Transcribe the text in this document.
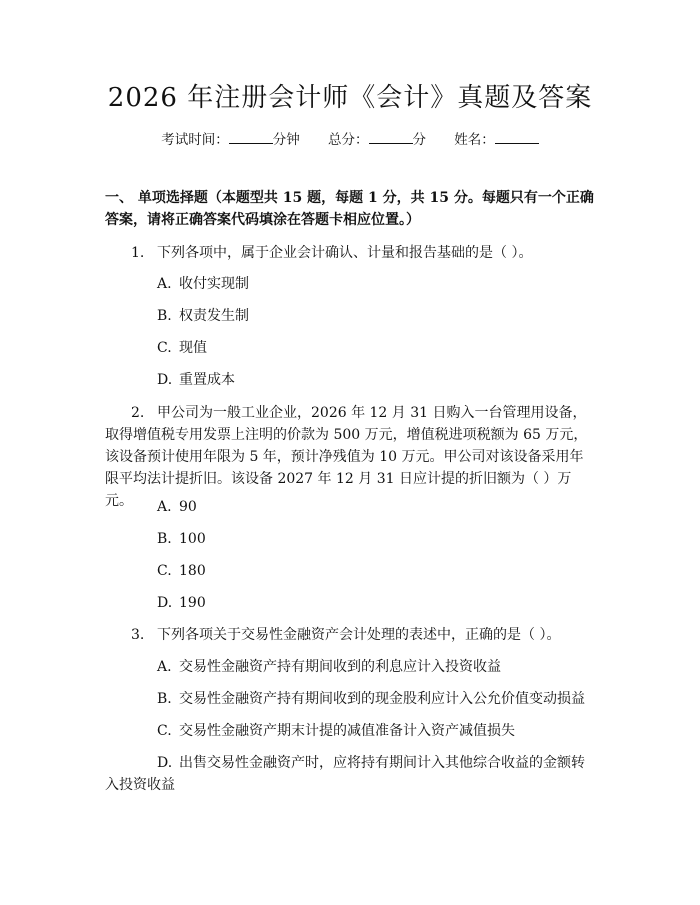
2026 年注册会计师《会计》真题及答案
考试时间：	分钟 总分：	分 姓名：
一、 单项选择题（本题型共 15 题，每题 1 分，共 15 分。每题只有一个正确答案，请将正确答案代码填涂在答题卡相应位置。）
1. 下列各项中，属于企业会计确认、计量和报告基础的是（ ）。
A. 收付实现制
B. 权责发生制
C. 现值
D. 重置成本
2. 甲公司为一般工业企业，2026 年 12 月 31 日购入一台管理用设备，取得增值税专用发票上注明的价款为 500 万元，增值税进项税额为 65 万元，该设备预计使用年限为 5 年，预计净残值为 10 万元。甲公司对该设备采用年限平均法计提折旧。该设备 2027 年 12 月 31 日应计提的折旧额为（ ）万元。	A. 90
B. 100
C. 180
D. 190
3. 下列各项关于交易性金融资产会计处理的表述中，正确的是（ ）。
A. 交易性金融资产持有期间收到的利息应计入投资收益
B. 交易性金融资产持有期间收到的现金股利应计入公允价值变动损益
C. 交易性金融资产期末计提的减值准备计入资产减值损失
D. 出售交易性金融资产时，应将持有期间计入其他综合收益的金额转入投资收益
